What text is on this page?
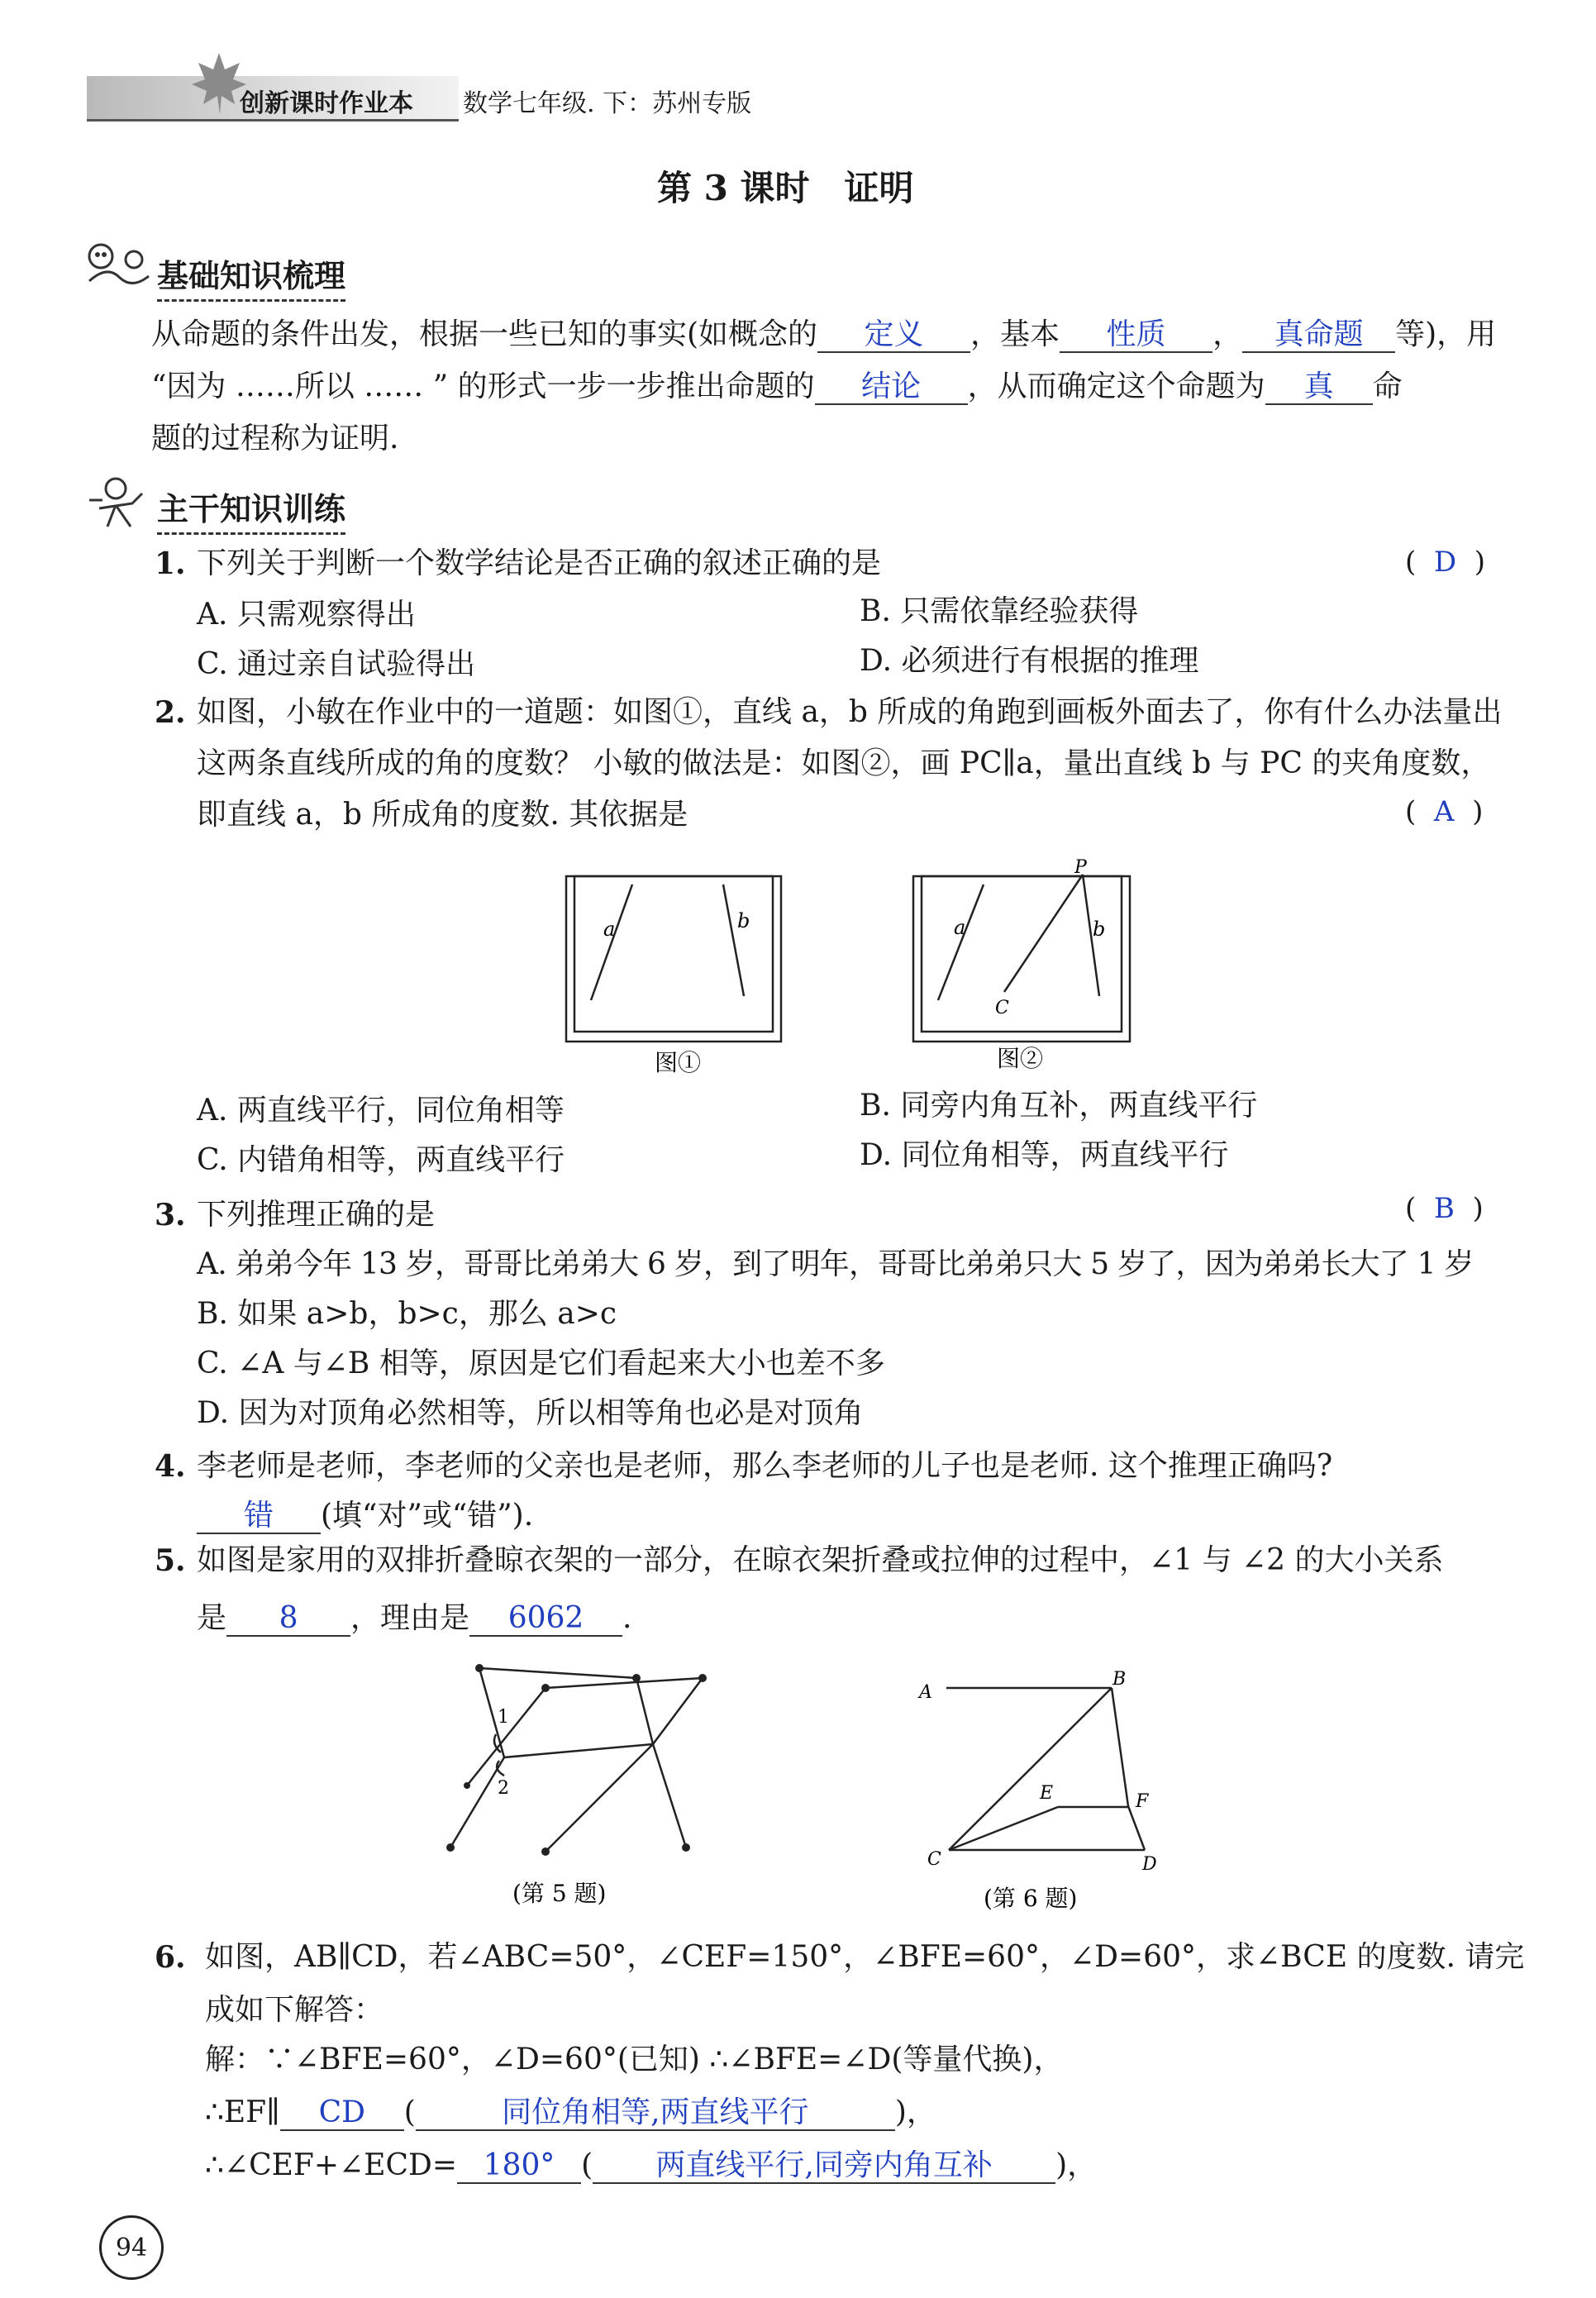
创新课时作业本 数学七年级. 下：苏州专版
第 3 课时　证明
基础知识梳理
从命题的条件出发，根据一些已知的事实(如概念的 定义 ，基本 性质 ， 真命题 等)，用
“因为 ……所以 …… ” 的形式一步一步推出命题的 结论 ，从而确定这个命题为 真 命
题的过程称为证明.
主干知识训练
1. 下列关于判断一个数学结论是否正确的叙述正确的是	(  D  )
A. 只需观察得出	B. 只需依靠经验获得
C. 通过亲自试验得出	D. 必须进行有根据的推理
2. 如图，小敏在作业中的一道题：如图①，直线 a，b 所成的角跑到画板外面去了，你有什么办法量出
这两条直线所成的角的度数？ 小敏的做法是：如图②，画 PC∥a，量出直线 b 与 PC 的夹角度数，
即直线 a，b 所成角的度数. 其依据是	(  A  )
a	b
图①
P
a	b
C
图②
A. 两直线平行，同位角相等	B. 同旁内角互补，两直线平行
C. 内错角相等，两直线平行	D. 同位角相等，两直线平行
3. 下列推理正确的是	(  B  )
A. 弟弟今年 13 岁，哥哥比弟弟大 6 岁，到了明年，哥哥比弟弟只大 5 岁了，因为弟弟长大了 1 岁
B. 如果 a>b，b>c，那么 a>c
C. ∠A 与∠B 相等，原因是它们看起来大小也差不多
D. 因为对顶角必然相等，所以相等角也必是对顶角
4. 李老师是老师，李老师的父亲也是老师，那么李老师的儿子也是老师. 这个推理正确吗?
错 (填“对”或“错”).
5. 如图是家用的双排折叠晾衣架的一部分，在晾衣架折叠或拉伸的过程中，∠1 与 ∠2 的大小关系
是 8 ，理由是 6062 .
1
2
(第 5 题)
A
B
C	D
E	F
(第 6 题)
6. 如图，AB∥CD，若∠ABC=50°，∠CEF=150°，∠BFE=60°，∠D=60°，求∠BCE 的度数. 请完
成如下解答：
解：∵∠BFE=60°，∠D=60°(已知) ∴∠BFE=∠D(等量代换)，
∴EF∥ CD (	同位角相等,两直线平行	)，
∴∠CEF+∠ECD= 180° ( 两直线平行,同旁内角互补 )，
94
